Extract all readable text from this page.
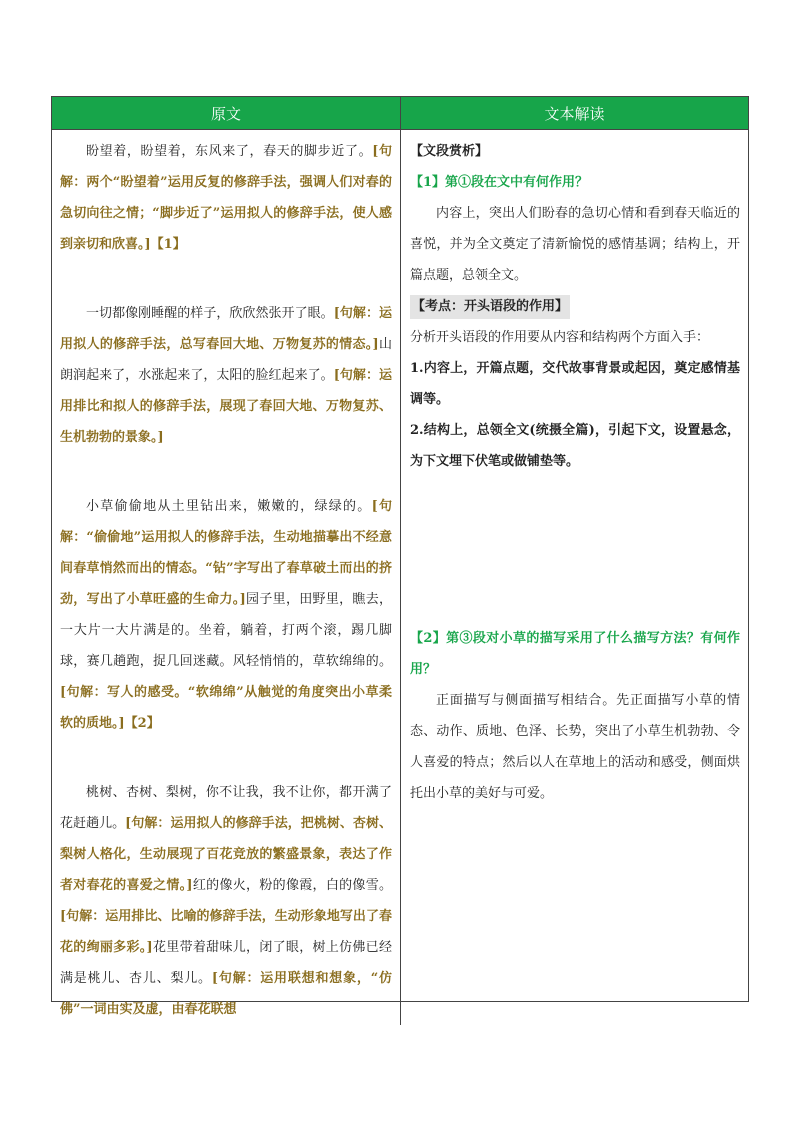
原文	文本解读

盼望着，盼望着，东风来了，春天的脚步近了。[句解：两个“盼望着”运用反复的修辞手法，强调人们对春的急切向往之情；“脚步近了”运用拟人的修辞手法，使人感到亲切和欣喜。]【1】

一切都像刚睡醒的样子，欣欣然张开了眼。[句解：运用拟人的修辞手法，总写春回大地、万物复苏的情态。]山朗润起来了，水涨起来了，太阳的脸红起来了。[句解：运用排比和拟人的修辞手法，展现了春回大地、万物复苏、生机勃勃的景象。]

小草偷偷地从土里钻出来，嫩嫩的，绿绿的。[句解：“偷偷地”运用拟人的修辞手法，生动地描摹出不经意间春草悄然而出的情态。“钻”字写出了春草破土而出的挤劲，写出了小草旺盛的生命力。]园子里，田野里，瞧去，一大片一大片满是的。坐着，躺着，打两个滚，踢几脚球，赛几趟跑，捉几回迷藏。风轻悄悄的，草软绵绵的。[句解：写人的感受。“软绵绵”从触觉的角度突出小草柔软的质地。]【2】

桃树、杏树、梨树，你不让我，我不让你，都开满了花赶趟儿。[句解：运用拟人的修辞手法，把桃树、杏树、梨树人格化，生动展现了百花竞放的繁盛景象，表达了作者对春花的喜爱之情。]红的像火，粉的像霞，白的像雪。[句解：运用排比、比喻的修辞手法，生动形象地写出了春花的绚丽多彩。]花里带着甜味儿，闭了眼，树上仿佛已经满是桃儿、杏儿、梨儿。[句解：运用联想和想象，“仿佛”一词由实及虚，由春花联想

【文段赏析】

【1】第①段在文中有何作用？

内容上，突出人们盼春的急切心情和看到春天临近的喜悦，并为全文奠定了清新愉悦的感情基调；结构上，开篇点题，总领全文。

【考点：开头语段的作用】

分析开头语段的作用要从内容和结构两个方面入手：

1.内容上，开篇点题，交代故事背景或起因，奠定感情基调等。

2.结构上，总领全文(统摄全篇)，引起下文，设置悬念，为下文埋下伏笔或做铺垫等。

【2】第③段对小草的描写采用了什么描写方法？有何作用？

正面描写与侧面描写相结合。先正面描写小草的情态、动作、质地、色泽、长势，突出了小草生机勃勃、令人喜爱的特点；然后以人在草地上的活动和感受，侧面烘托出小草的美好与可爱。
